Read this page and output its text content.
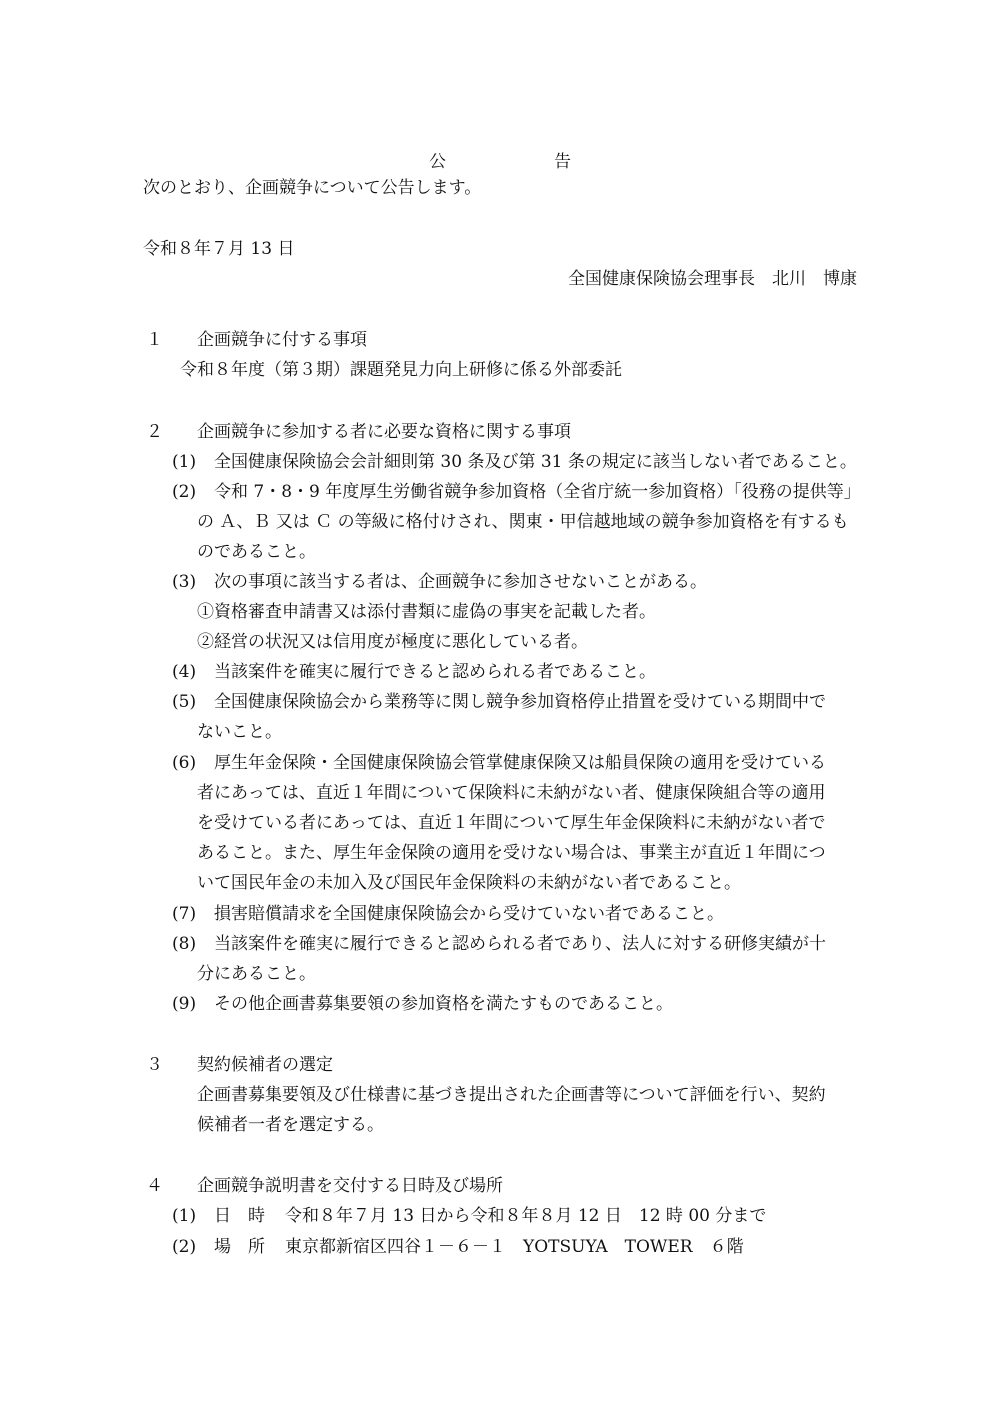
公	告
次のとおり、企画競争について公告します。
令和８年７月 13 日
全国健康保険協会理事長　北川　博康
１ 企画競争に付する事項
令和８年度（第３期）課題発見力向上研修に係る外部委託
２ 企画競争に参加する者に必要な資格に関する事項
(1) 全国健康保険協会会計細則第 30 条及び第 31 条の規定に該当しない者であること。
(2) 令和 7・8・9 年度厚生労働省競争参加資格（全省庁統一参加資格）「役務の提供等」
の Ａ、Ｂ 又は Ｃ の等級に格付けされ、関東・甲信越地域の競争参加資格を有するも
のであること。
(3) 次の事項に該当する者は、企画競争に参加させないことがある。
①資格審査申請書又は添付書類に虚偽の事実を記載した者。
②経営の状況又は信用度が極度に悪化している者。
(4) 当該案件を確実に履行できると認められる者であること。
(5) 全国健康保険協会から業務等に関し競争参加資格停止措置を受けている期間中で
ないこと。
(6) 厚生年金保険・全国健康保険協会管掌健康保険又は船員保険の適用を受けている
者にあっては、直近１年間について保険料に未納がない者、健康保険組合等の適用
を受けている者にあっては、直近１年間について厚生年金保険料に未納がない者で
あること。また、厚生年金保険の適用を受けない場合は、事業主が直近１年間につ
いて国民年金の未加入及び国民年金保険料の未納がない者であること。
(7) 損害賠償請求を全国健康保険協会から受けていない者であること。
(8) 当該案件を確実に履行できると認められる者であり、法人に対する研修実績が十
分にあること。
(9) その他企画書募集要領の参加資格を満たすものであること。
３ 契約候補者の選定
企画書募集要領及び仕様書に基づき提出された企画書等について評価を行い、契約
候補者一者を選定する。
４ 企画競争説明書を交付する日時及び場所
(1) 日　時 令和８年７月 13 日から令和８年８月 12 日　12 時 00 分まで
(2) 場　所 東京都新宿区四谷１－６－１　YOTSUYA　TOWER　６階
